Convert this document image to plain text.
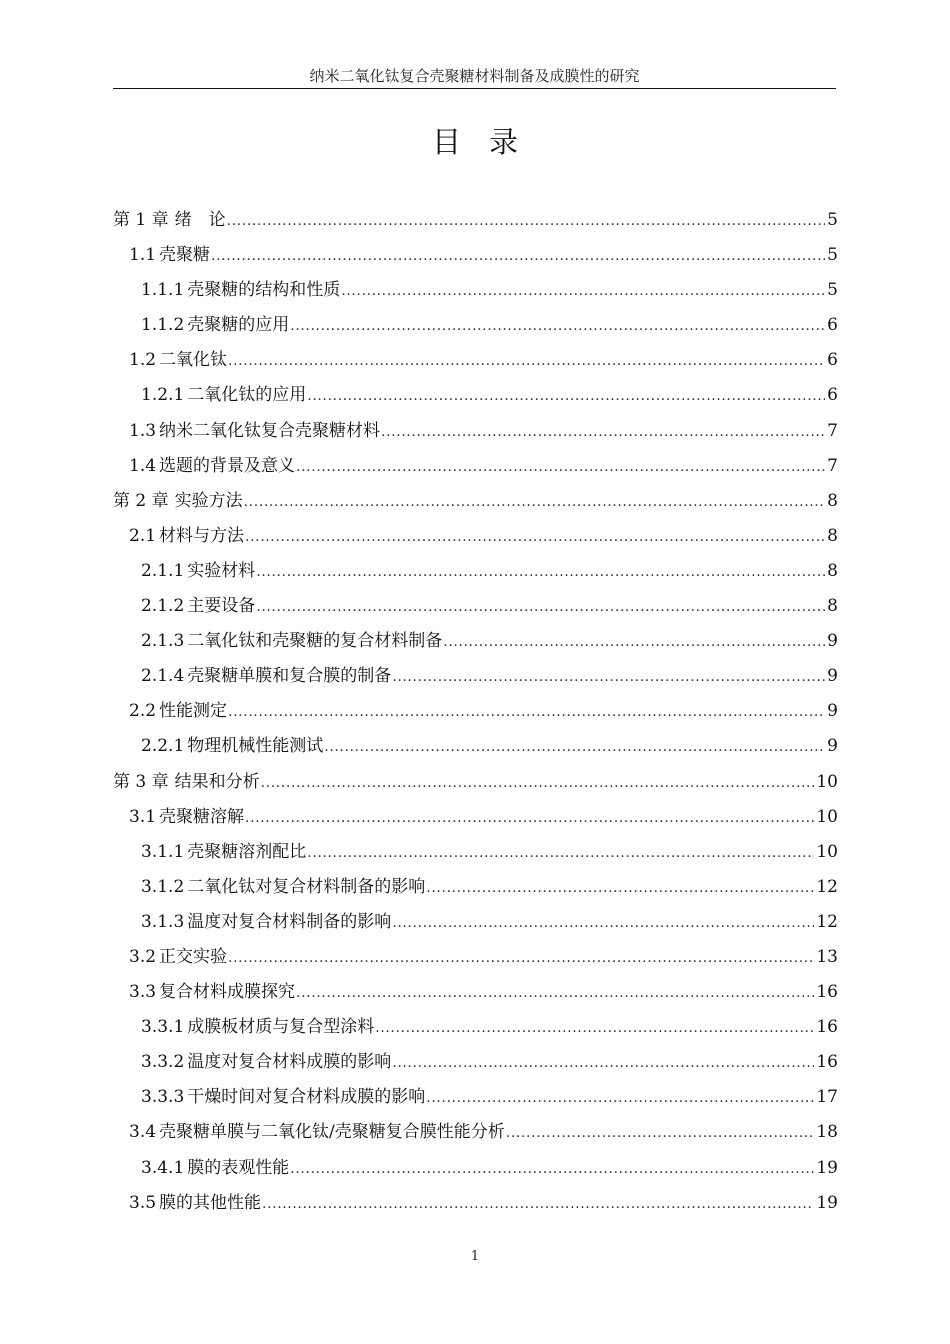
纳米二氧化钛复合壳聚糖材料制备及成膜性的研究
目录
第 1 章 绪　论 .....	5
1.1 壳聚糖 .....	5
1.1.1 壳聚糖的结构和性质 .....	5
1.1.2 壳聚糖的应用 .....	6
1.2 二氧化钛 .....	6
1.2.1 二氧化钛的应用 .....	6
1.3 纳米二氧化钛复合壳聚糖材料 .....	7
1.4 选题的背景及意义 .....	7
第 2 章 实验方法 .....	8
2.1 材料与方法 .....	8
2.1.1 实验材料 .....	8
2.1.2 主要设备 .....	8
2.1.3 二氧化钛和壳聚糖的复合材料制备 .....	9
2.1.4 壳聚糖单膜和复合膜的制备 .....	9
2.2 性能测定 .....	9
2.2.1 物理机械性能测试 .....	9
第 3 章 结果和分析 .....	10
3.1 壳聚糖溶解 .....	10
3.1.1 壳聚糖溶剂配比 .....	10
3.1.2 二氧化钛对复合材料制备的影响 .....	12
3.1.3 温度对复合材料制备的影响 .....	12
3.2 正交实验 .....	13
3.3 复合材料成膜探究 .....	16
3.3.1 成膜板材质与复合型涂料 .....	16
3.3.2 温度对复合材料成膜的影响 .....	16
3.3.3 干燥时间对复合材料成膜的影响 .....	17
3.4 壳聚糖单膜与二氧化钛/壳聚糖复合膜性能分析 .....	18
3.4.1 膜的表观性能 .....	19
3.5 膜的其他性能 .....	19
1
